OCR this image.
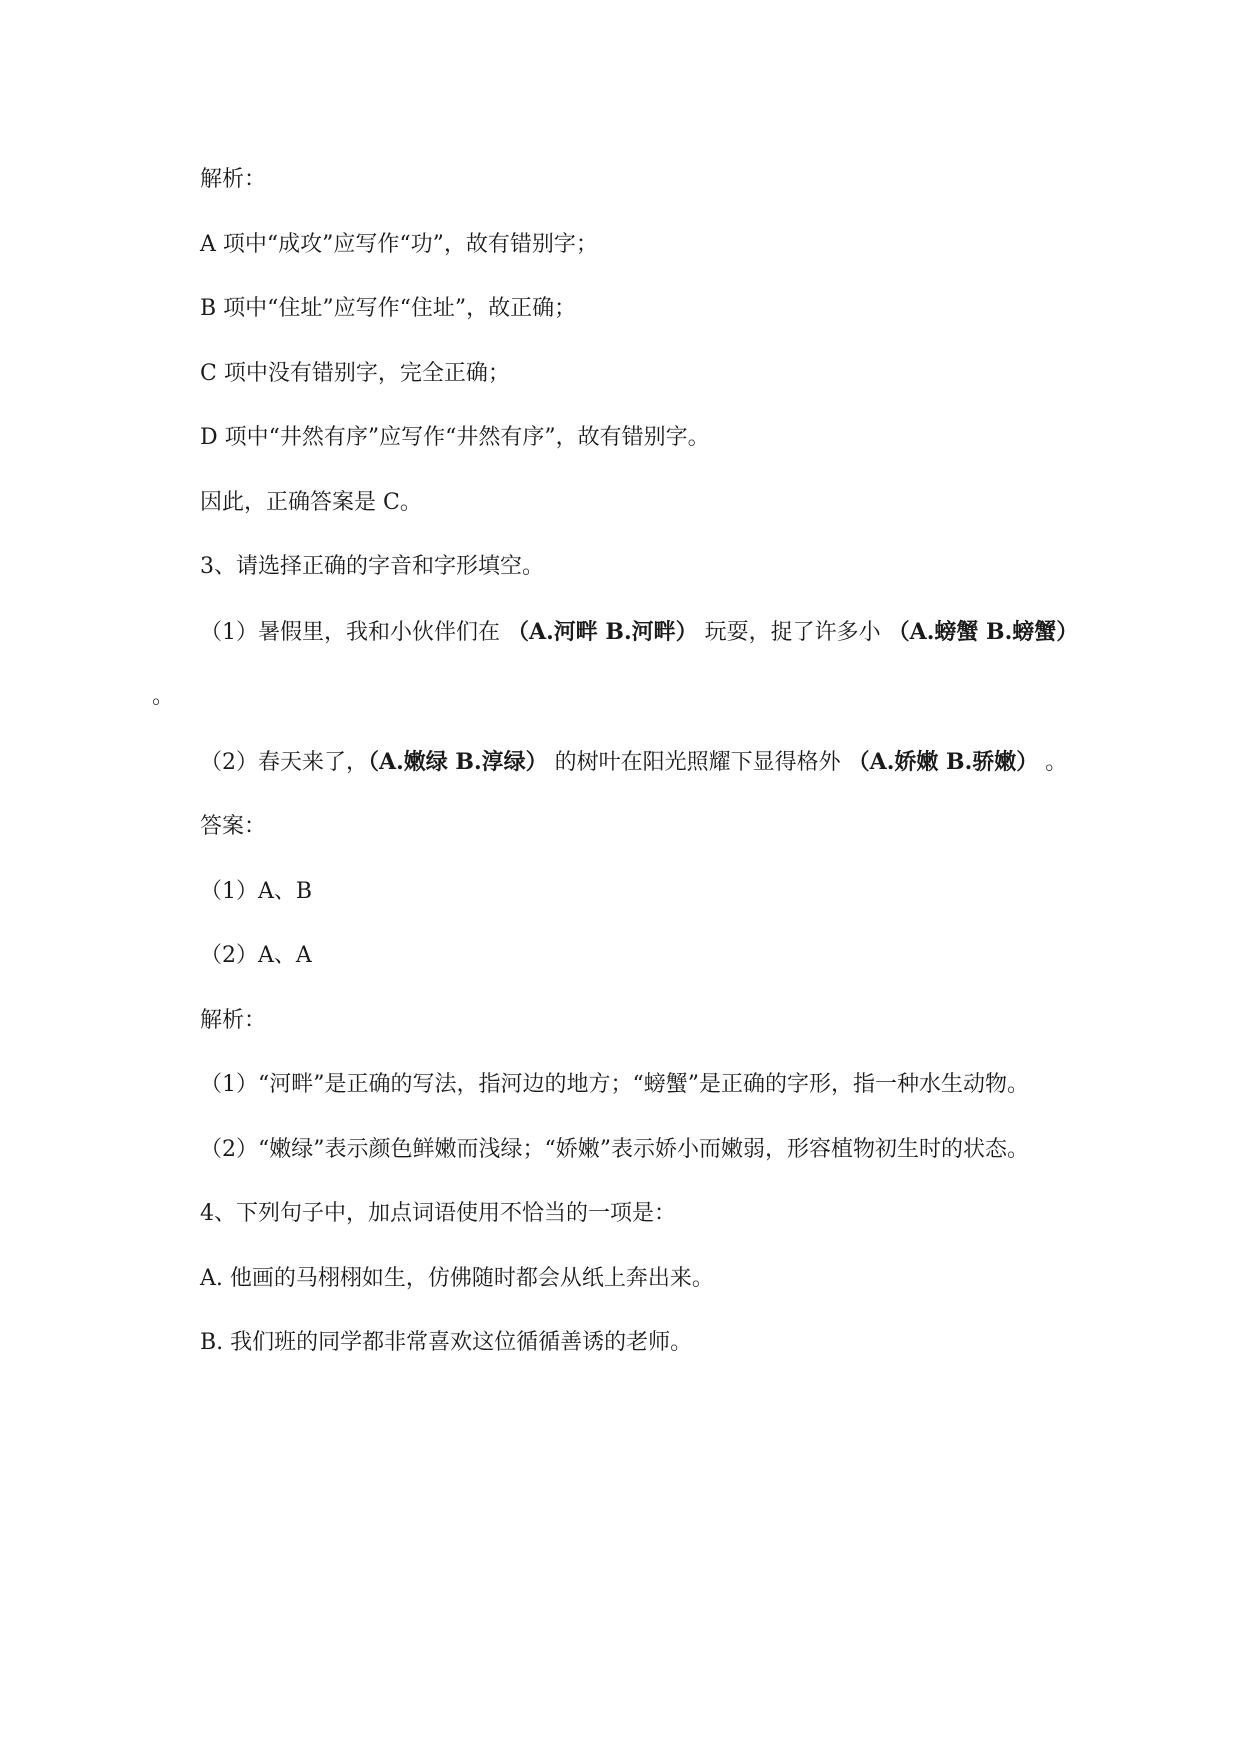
解析：

A 项中“成攻”应写作“功”，故有错别字；

B 项中“住址”应写作“住址”，故正确；

C 项中没有错别字，完全正确；

D 项中“井然有序”应写作“井然有序”，故有错别字。

因此，正确答案是 C。

3、请选择正确的字音和字形填空。

（1）暑假里，我和小伙伴们在 （A.河畔 B.河畔） 玩耍，捉了许多小 （A.螃蟹 B.螃蟹） 。

（2）春天来了，（A.嫩绿 B.淳绿） 的树叶在阳光照耀下显得格外 （A.娇嫩 B.骄嫩） 。

答案：

（1）A、B

（2）A、A

解析：

（1）“河畔”是正确的写法，指河边的地方；“螃蟹”是正确的字形，指一种水生动物。

（2）“嫩绿”表示颜色鲜嫩而浅绿；“娇嫩”表示娇小而嫩弱，形容植物初生时的状态。

4、下列句子中，加点词语使用不恰当的一项是：

A. 他画的马栩栩如生，仿佛随时都会从纸上奔出来。

B. 我们班的同学都非常喜欢这位循循善诱的老师。
